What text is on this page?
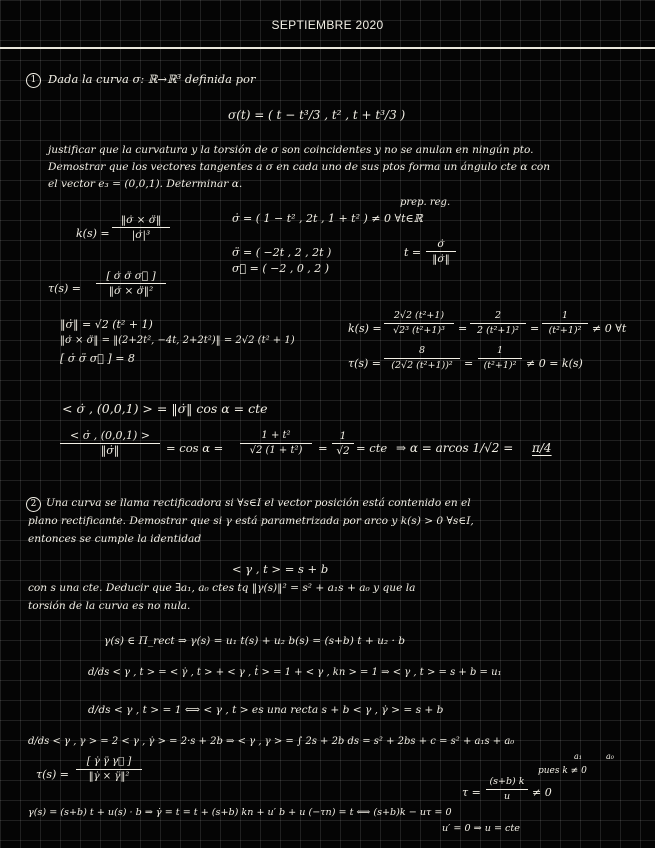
SEPTIEMBRE 2020
1	Dada la curva σ: ℝ→ℝ³ definida por
σ(t) = ( t − t³/3 , t² , t + t³/3 )
justificar que la curvatura y la torsión de σ son coincidentes y no se anulan en ningún pto.
Demostrar que los vectores tangentes a σ en cada uno de sus ptos forma un ángulo cte α con
el vector e₃ = (0,0,1). Determinar α.
k(s) =
‖σ̇ × σ̈‖
|σ̇|³
τ(s) =
[ σ̇ σ̈ σ⃛ ]
‖σ̇ × σ̈‖²
prep. reg.
σ̇ = ( 1 − t² , 2t , 1 + t² ) ≠ 0 ∀t∈ℝ
σ̈ = ( −2t , 2 , 2t )
σ⃛ = ( −2 , 0 , 2 )
t =
σ̇
‖σ̇‖
‖σ̇‖ = √2 (t² + 1)
‖σ̇ × σ̈‖ = ‖(2+2t², −4t, 2+2t²)‖ = 2√2 (t² + 1)
[ σ̇ σ̈ σ⃛ ] = 8
k(s) =
2√2 (t²+1)
√2³ (t²+1)³	=
2
2 (t²+1)²	=
1
(t²+1)² ≠ 0 ∀t
τ(s) =
8
(2√2 (t²+1))²	=
1
(t²+1)² ≠ 0 = k(s)
< σ̇ , (0,0,1) > = ‖σ̇‖ cos α = cte
< σ̇ , (0,0,1) >
‖σ̇‖	= cos α =
1 + t²
√2 (1 + t²)	=
1
√2 = cte ⇒ α = arcos 1/√2 = π/4
2 Una curva se llama rectificadora si ∀s∈I el vector posición está contenido en el
plano rectificante. Demostrar que si γ está parametrizada por arco y k(s) > 0 ∀s∈I,
entonces se cumple la identidad
< γ , t > = s + b
con s una cte. Deducir que ∃a₁, a₀ ctes tq ‖γ(s)‖² = s² + a₁s + a₀ y que la
torsión de la curva es no nula.
γ(s) ∈ Π_rect ⇒ γ(s) = u₁ t(s) + u₂ b(s) = (s+b) t + u₂ · b
d/ds < γ , t > = < γ̇ , t > + < γ , ṫ > = 1 + < γ , kn > = 1 ⇒ < γ , t > = s + b = u₁
d/ds < γ , t > = 1 ⟺ < γ , t > es una recta s + b < γ , γ̇ > = s + b
d/ds < γ , γ > = 2 < γ , γ̇ > = 2·s + 2b ⇒ < γ , γ > = ∫ 2s + 2b ds = s² + 2bs + c = s² + a₁s + a₀
a₁	a₀
τ(s) =
[ γ̇ γ̈ γ⃛ ]
‖γ̇ × γ̈‖²	pues k ≠ 0
τ =
(s+b) k
u	≠ 0
γ(s) = (s+b) t + u(s) · b ⇒ γ̇ = t = t + (s+b) kn + u′ b + u (−τn) = t ⟺ (s+b)k − uτ = 0
u′ = 0 ⇒ u = cte
